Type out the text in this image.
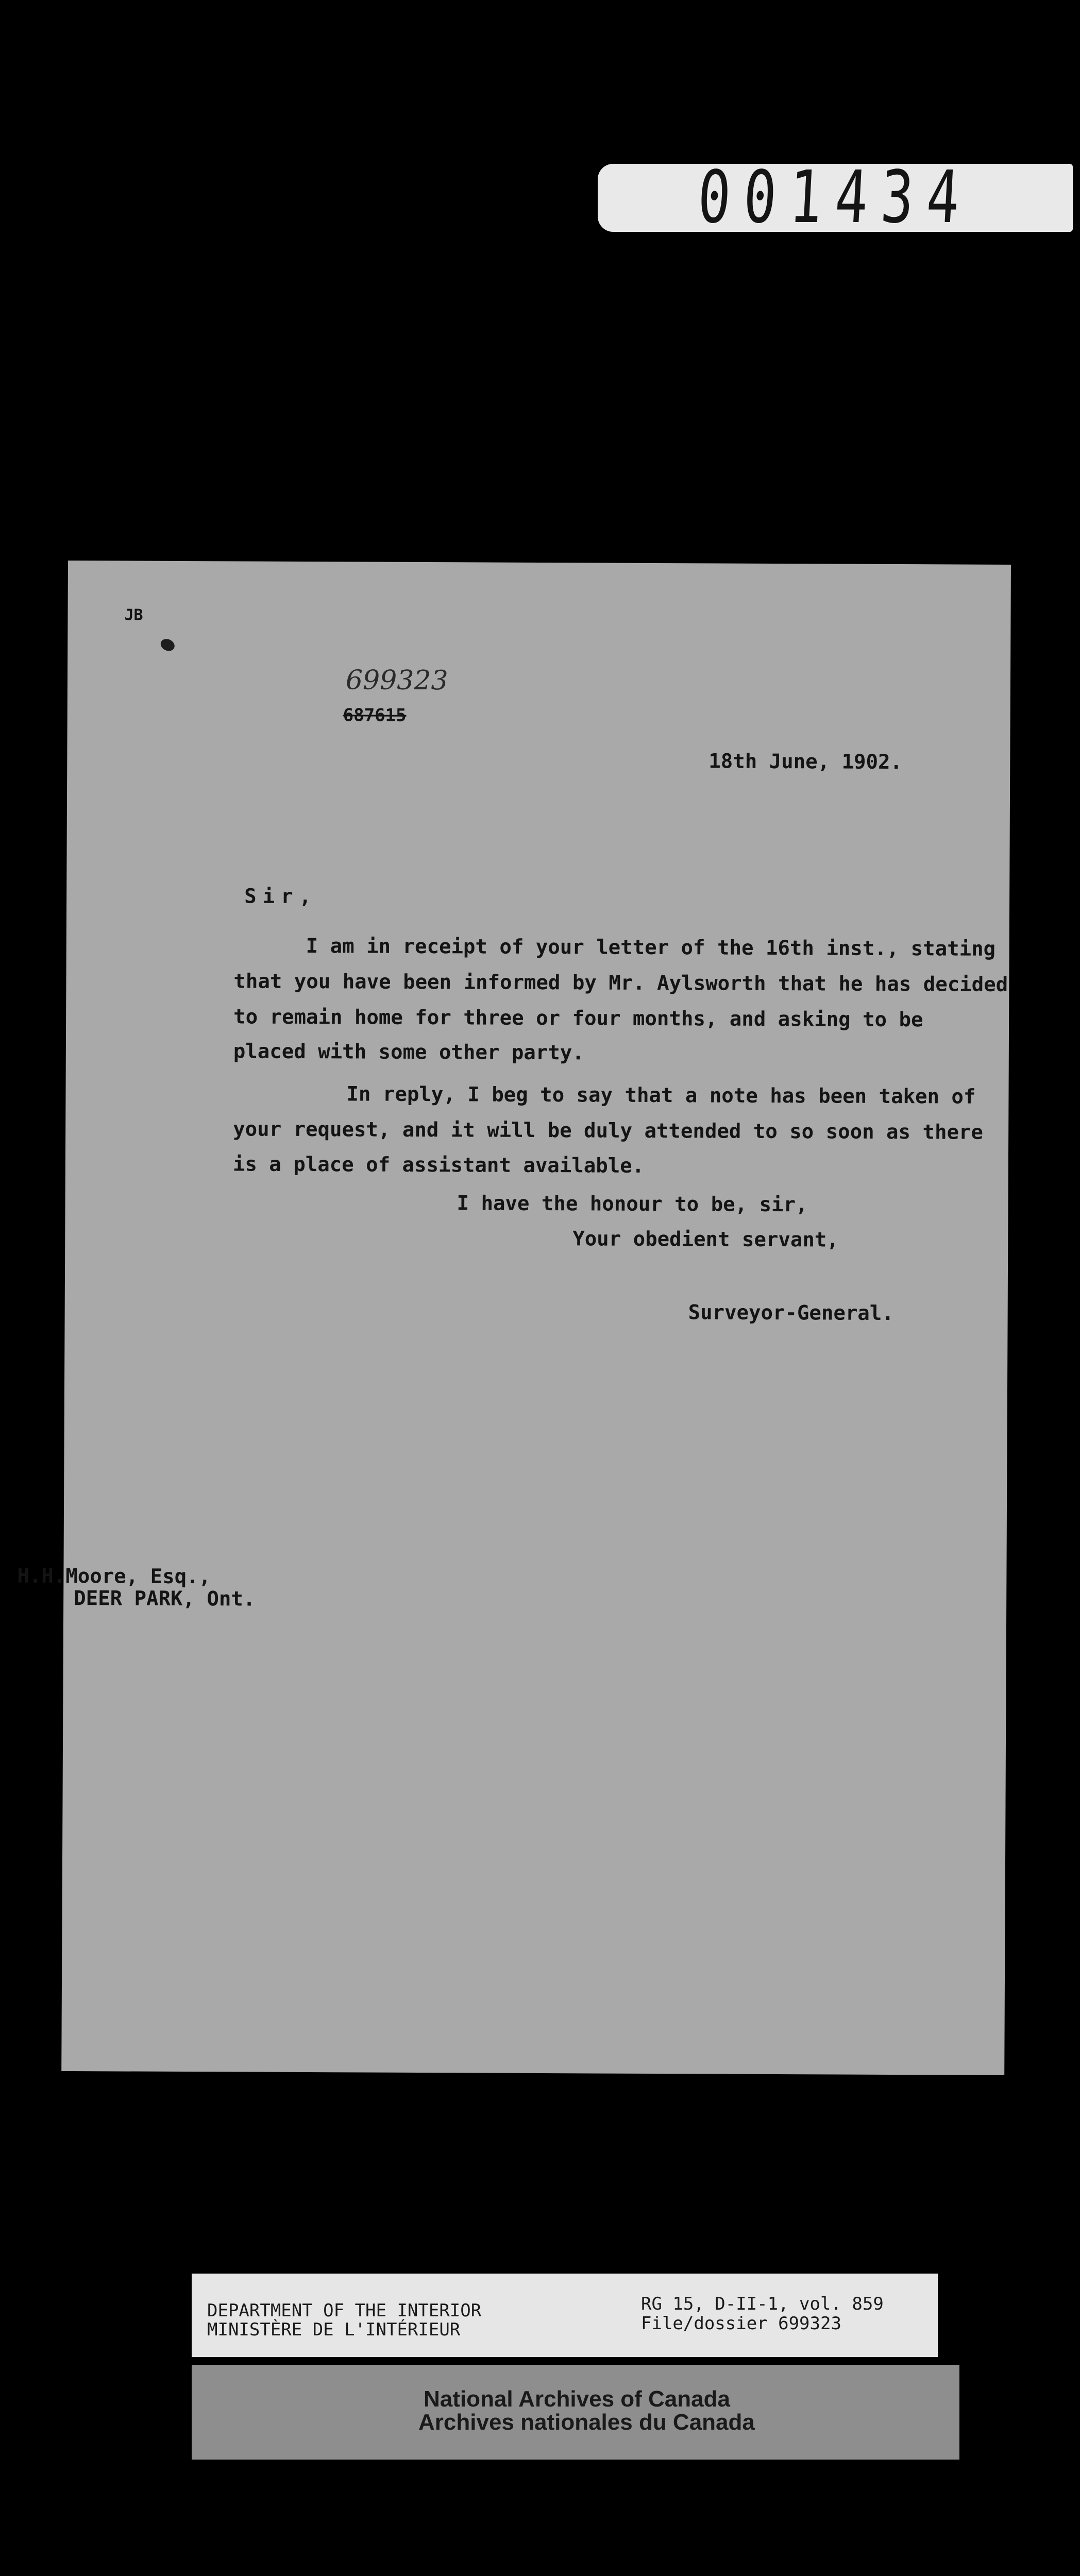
001434
JB
699323
687615
18th June, 1902.
Sir,
I am in receipt of your letter of the 16th inst., stating
that you have been informed by Mr. Aylsworth that he has decided
to remain home for three or four months, and asking to be
placed with some other party.
In reply, I beg to say that a note has been taken of
your request, and it will be duly attended to so soon as there
is a place of assistant available.
I have the honour to be, sir,
Your obedient servant,
Surveyor-General.
H.H.Moore, Esq.,
DEER PARK, Ont.
DEPARTMENT OF THE INTERIOR
MINISTÈRE DE L'INTÉRIEUR
RG 15, D-II-1, vol. 859
File/dossier 699323
National Archives of Canada
Archives nationales du Canada
